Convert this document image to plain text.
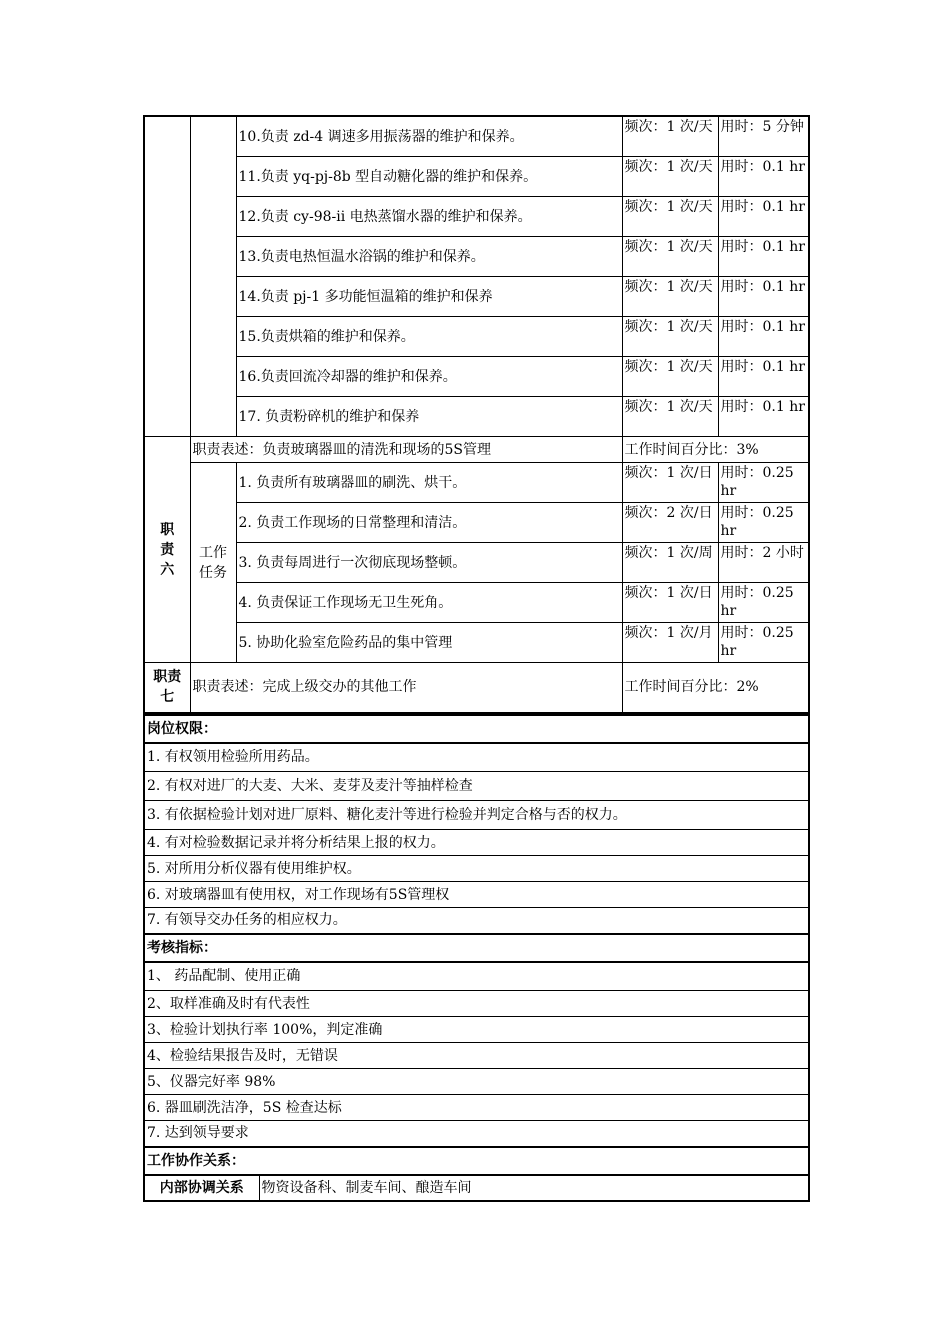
		10.负责 zd-4 调速多用振荡器的维护和保养。	频次：1 次/天	用时：5 分钟
		11.负责 yq-pj-8b 型自动糖化器的维护和保养。	频次：1 次/天	用时：0.1 hr
		12.负责 cy-98-ii 电热蒸馏水器的维护和保养。	频次：1 次/天	用时：0.1 hr
		13.负责电热恒温水浴锅的维护和保养。	频次：1 次/天	用时：0.1 hr
		14.负责 pj-1 多功能恒温箱的维护和保养	频次：1 次/天	用时：0.1 hr
		15.负责烘箱的维护和保养。	频次：1 次/天	用时：0.1 hr
		16.负责回流冷却器的维护和保养。	频次：1 次/天	用时：0.1 hr
		17. 负责粉碎机的维护和保养	频次：1 次/天	用时：0.1 hr

职责六	职责表述：负责玻璃器皿的清洗和现场的5S管理		工作时间百分比：3%	

	工作任务	1. 负责所有玻璃器皿的刷洗、烘干。	频次：1 次/日	用时：0.25 hr
		2. 负责工作现场的日常整理和清洁。	频次：2 次/日	用时：0.25 hr
		3. 负责每周进行一次彻底现场整顿。	频次：1 次/周	用时：2 小时
		4. 负责保证工作现场无卫生死角。	频次：1 次/日	用时：0.25 hr
		5. 协助化验室危险药品的集中管理	频次：1 次/月	用时：0.25 hr

职责七	职责表述：完成上级交办的其他工作		工作时间百分比：2%	
岗位权限：
1. 有权领用检验所用药品。
2. 有权对进厂的大麦、大米、麦芽及麦汁等抽样检查
3. 有依据检验计划对进厂原料、糖化麦汁等进行检验并判定合格与否的权力。
4. 有对检验数据记录并将分析结果上报的权力。
5. 对所用分析仪器有使用维护权。
6. 对玻璃器皿有使用权，对工作现场有5S管理权
7. 有领导交办任务的相应权力。
考核指标：
1、 药品配制、使用正确
2、取样准确及时有代表性
3、检验计划执行率 100%，判定准确
4、检验结果报告及时，无错误
5、仪器完好率 98%
6. 器皿刷洗洁净，5S 检查达标
7. 达到领导要求
工作协作关系：
内部协调关系	物资设备科、制麦车间、酿造车间
